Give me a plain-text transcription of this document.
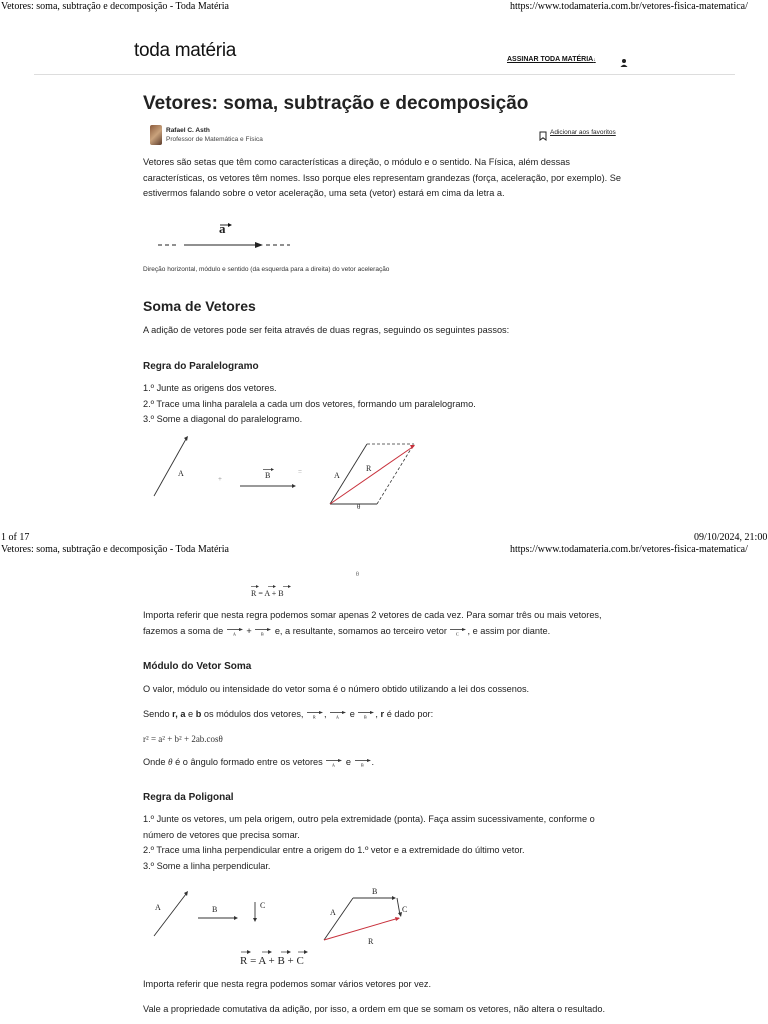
Vetores: soma, subtração e decomposição - Toda Matéria	https://www.todamateria.com.br/vetores-fisica-matematica/
toda matéria	ASSINAR TODA MATÉRIA↓
Vetores: soma, subtração e decomposição
Rafael C. Asth
Professor de Matemática e Física
Adicionar aos favoritos
Vetores são setas que têm como características a direção, o módulo e o sentido. Na Física, além dessas características, os vetores têm nomes. Isso porque eles representam grandezas (força, aceleração, por exemplo). Se estivermos falando sobre o vetor aceleração, uma seta (vetor) estará em cima da letra a.
a
Direção horizontal, módulo e sentido (da esquerda para a direita) do vetor aceleração
Soma de Vetores
A adição de vetores pode ser feita através de duas regras, seguindo os seguintes passos:
Regra do Paralelogramo
1.º Junte as origens dos vetores.
2.º Trace uma linha paralela a cada um dos vetores, formando um paralelogramo.
3.º Some a diagonal do paralelogramo.
A
+	B	=	A
R
θ
1 of 17	09/10/2024, 21:00
Vetores: soma, subtração e decomposição - Toda Matéria	https://www.todamateria.com.br/vetores-fisica-matematica/
θ
R = A + B
Importa referir que nesta regra podemos somar apenas 2 vetores de cada vez. Para somar três ou mais vetores,
fazemos a soma de A + B e, a resultante, somamos ao terceiro vetor C , e assim por diante.
Módulo do Vetor Soma
O valor, módulo ou intensidade do vetor soma é o número obtido utilizando a lei dos cossenos.
Sendo r, a e b os módulos dos vetores, R , A e B , r é dado por:
r² = a² + b² + 2ab.cosθ
Onde θ é o ângulo formado entre os vetores A e B .
Regra da Poligonal
1.º Junte os vetores, um pela origem, outro pela extremidade (ponta). Faça assim sucessivamente, conforme o número de vetores que precisa somar.
2.º Trace uma linha perpendicular entre a origem do 1.º vetor e a extremidade do último vetor.
3.º Some a linha perpendicular.
A	B	C
A
B
C
R
R = A + B + C
Importa referir que nesta regra podemos somar vários vetores por vez.
Vale a propriedade comutativa da adição, por isso, a ordem em que se somam os vetores, não altera o resultado.
